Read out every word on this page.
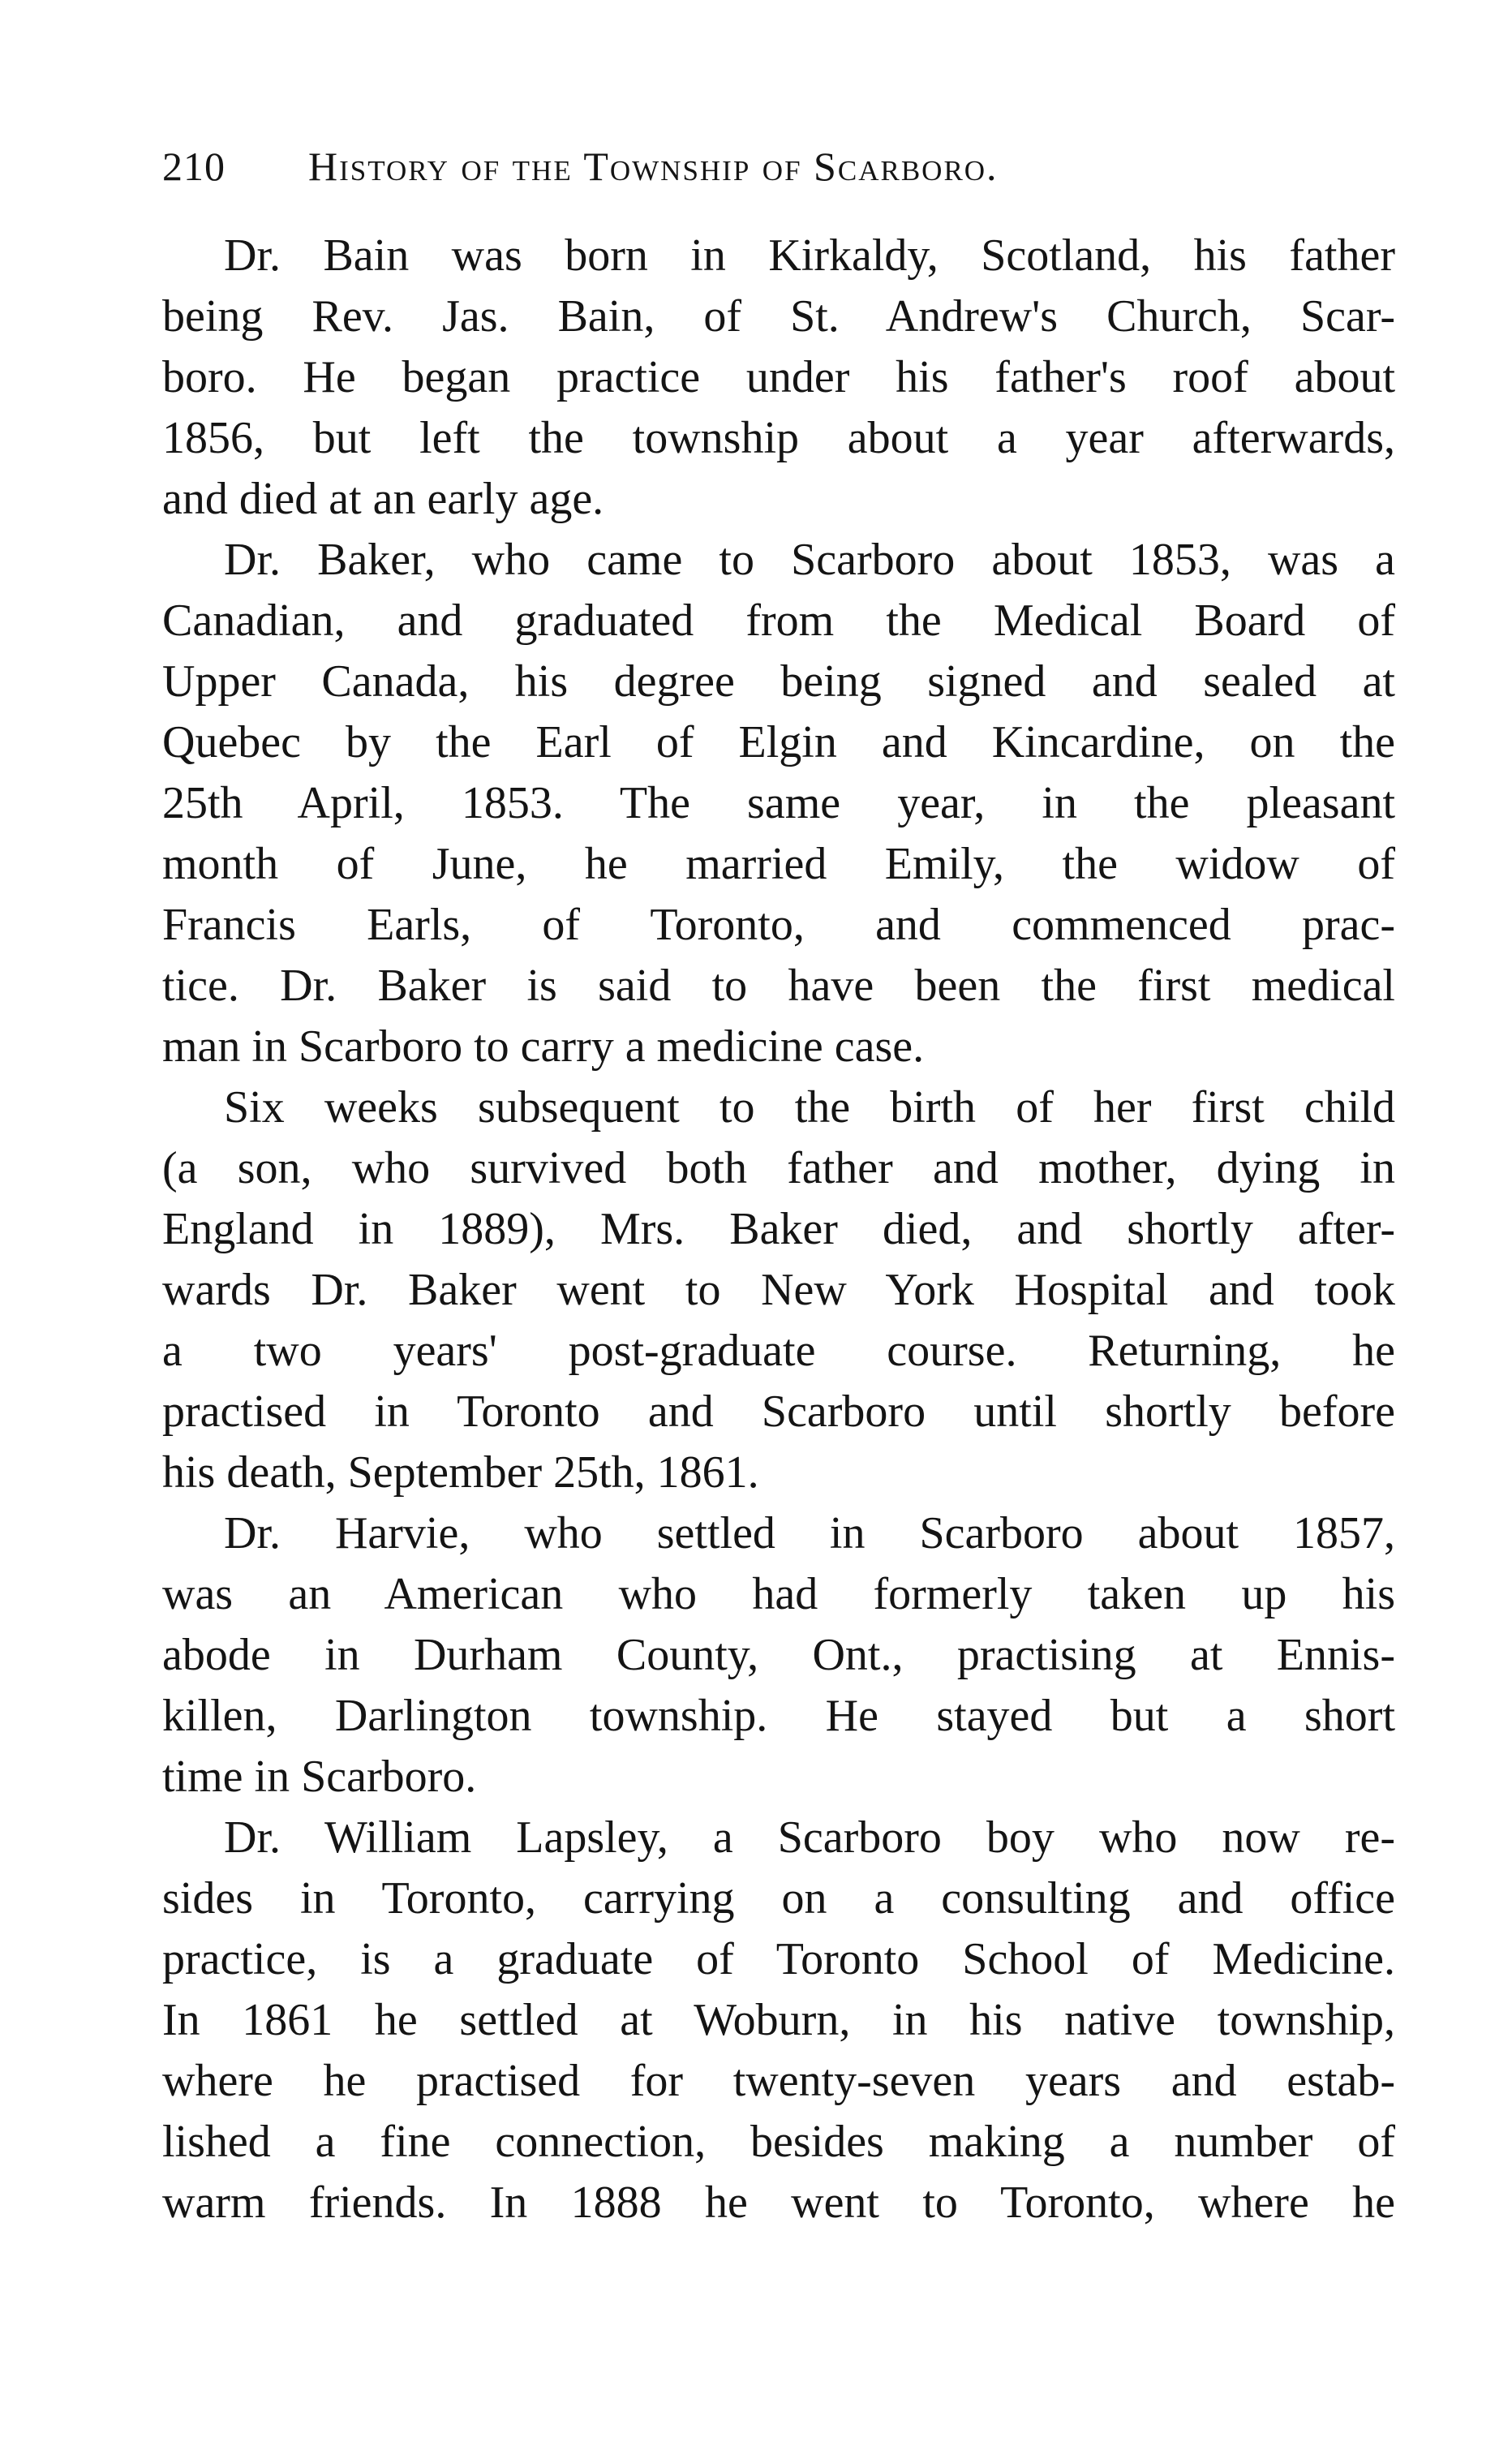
210 History of the Township of Scarboro.
Dr. Bain was born in Kirkaldy, Scotland, his father
being Rev. Jas. Bain, of St. Andrew's Church, Scar-
boro. He began practice under his father's roof about
1856, but left the township about a year afterwards,
and died at an early age.
Dr. Baker, who came to Scarboro about 1853, was a
Canadian, and graduated from the Medical Board of
Upper Canada, his degree being signed and sealed at
Quebec by the Earl of Elgin and Kincardine, on the
25th April, 1853. The same year, in the pleasant
month of June, he married Emily, the widow of
Francis Earls, of Toronto, and commenced prac-
tice. Dr. Baker is said to have been the first medical
man in Scarboro to carry a medicine case.
Six weeks subsequent to the birth of her first child
(a son, who survived both father and mother, dying in
England in 1889), Mrs. Baker died, and shortly after-
wards Dr. Baker went to New York Hospital and took
a two years' post-graduate course. Returning, he
practised in Toronto and Scarboro until shortly before
his death, September 25th, 1861.
Dr. Harvie, who settled in Scarboro about 1857,
was an American who had formerly taken up his
abode in Durham County, Ont., practising at Ennis-
killen, Darlington township. He stayed but a short
time in Scarboro.
Dr. William Lapsley, a Scarboro boy who now re-
sides in Toronto, carrying on a consulting and office
practice, is a graduate of Toronto School of Medicine.
In 1861 he settled at Woburn, in his native township,
where he practised for twenty-seven years and estab-
lished a fine connection, besides making a number of
warm friends. In 1888 he went to Toronto, where he
